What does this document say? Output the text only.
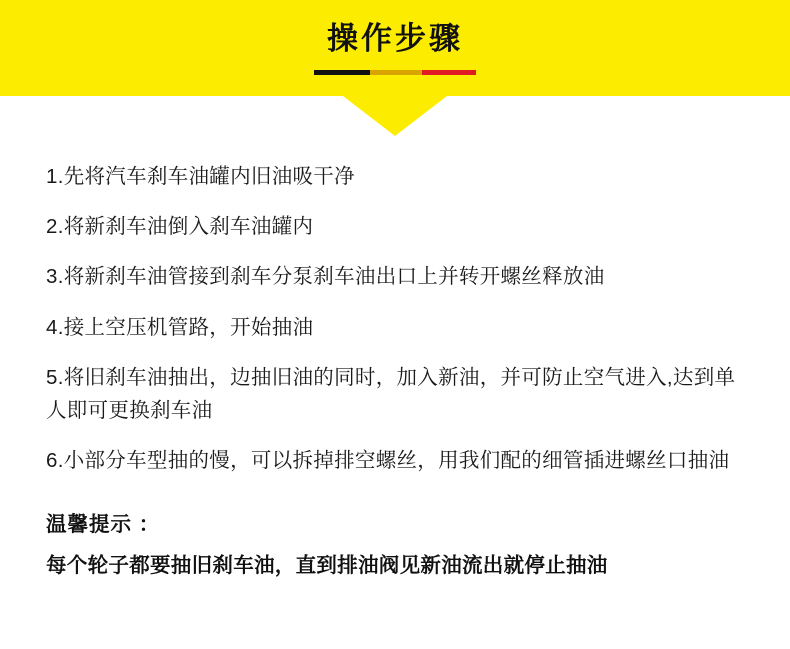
操作步骤
1.先将汽车刹车油罐内旧油吸干净
2.将新刹车油倒入刹车油罐内
3.将新刹车油管接到刹车分泵刹车油出口上并转开螺丝释放油
4.接上空压机管路，开始抽油
5.将旧刹车油抽出，边抽旧油的同时，加入新油，并可防止空气进入,达到单人即可更换刹车油
6.小部分车型抽的慢，可以拆掉排空螺丝，用我们配的细管插进螺丝口抽油

温馨提示 ：

每个轮子都要抽旧刹车油，直到排油阀见新油流出就停止抽油
